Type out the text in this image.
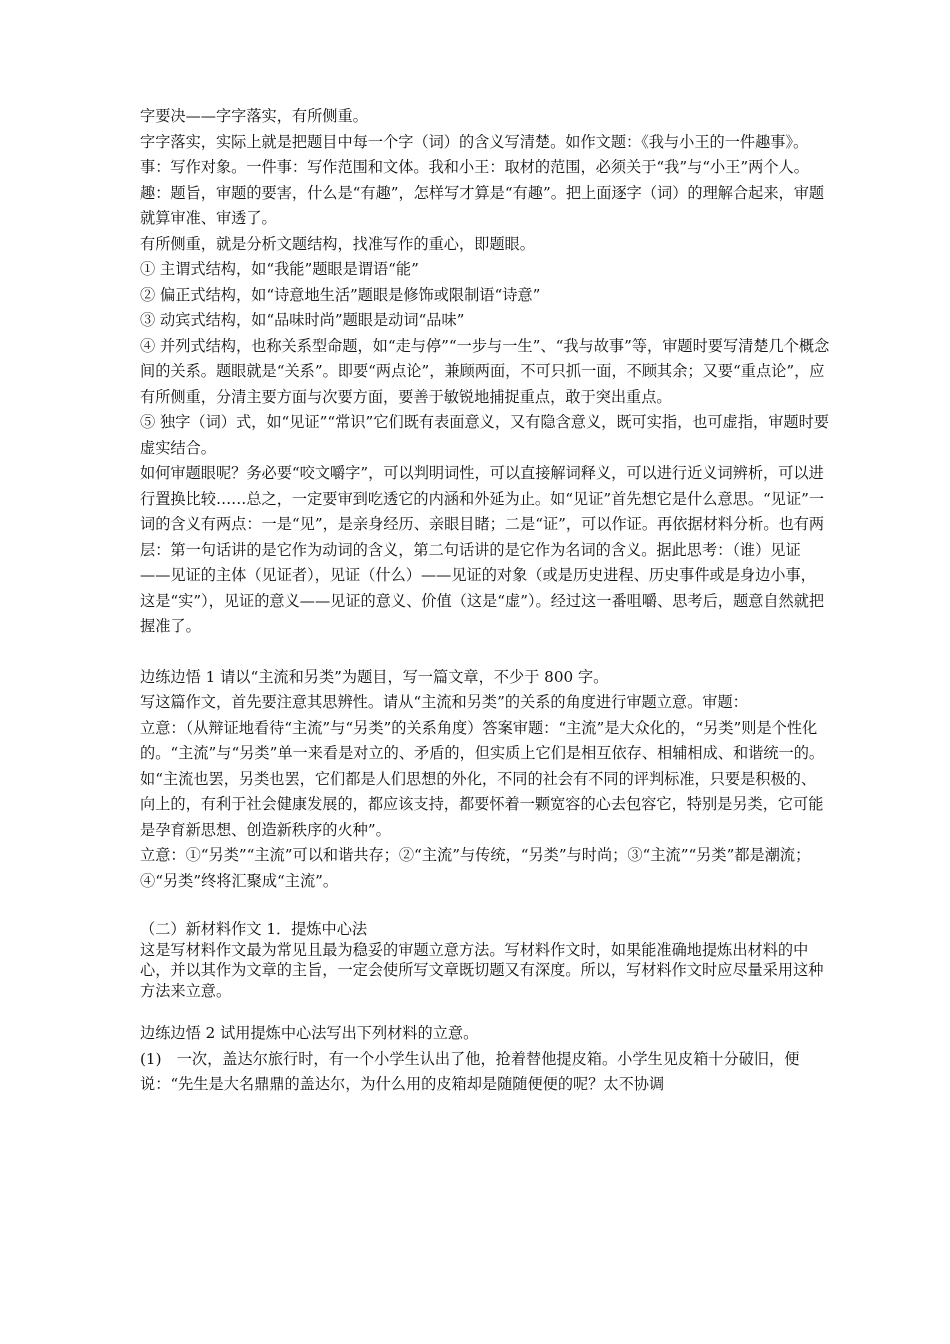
字要决——字字落实，有所侧重。

字字落实，实际上就是把题目中每一个字（词）的含义写清楚。如作文题：《我与小王的一件趣事》。

事：写作对象。一件事：写作范围和文体。我和小王：取材的范围，必须关于“我”与“小王”两个人。趣：题旨，审题的要害，什么是“有趣”，怎样写才算是“有趣”。把上面逐字（词）的理解合起来，审题就算审准、审透了。

有所侧重，就是分析文题结构，找准写作的重心，即题眼。

① 主谓式结构，如“我能”题眼是谓语“能”

② 偏正式结构，如“诗意地生活”题眼是修饰或限制语“诗意”

③ 动宾式结构，如“品味时尚”题眼是动词“品味”

④ 并列式结构，也称关系型命题，如“走与停”“一步与一生”、“我与故事”等，审题时要写清楚几个概念间的关系。题眼就是“关系”。即要“两点论”，兼顾两面，不可只抓一面，不顾其余；又要“重点论”，应有所侧重，分清主要方面与次要方面，要善于敏锐地捕捉重点，敢于突出重点。

⑤ 独字（词）式，如“见证”“常识”它们既有表面意义，又有隐含意义，既可实指，也可虚指，审题时要虚实结合。

如何审题眼呢？务必要“咬文嚼字”，可以判明词性，可以直接解词释义，可以进行近义词辨析，可以进行置换比较……总之，一定要审到吃透它的内涵和外延为止。如“见证”首先想它是什么意思。“见证”一词的含义有两点：一是“见”，是亲身经历、亲眼目睹；二是“证”，可以作证。再依据材料分析。也有两层：第一句话讲的是它作为动词的含义，第二句话讲的是它作为名词的含义。据此思考：（谁）见证——见证的主体（见证者），见证（什么）——见证的对象（或是历史进程、历史事件或是身边小事，这是“实”），见证的意义——见证的意义、价值（这是“虚”）。经过这一番咀嚼、思考后，题意自然就把握准了。

边练边悟 1 请以“主流和另类”为题目，写一篇文章，不少于 800 字。

写这篇作文，首先要注意其思辨性。请从“主流和另类”的关系的角度进行审题立意。审题：

立意：（从辩证地看待“主流”与“另类”的关系角度）答案审题：“主流”是大众化的，“另类”则是个性化的。“主流”与“另类”单一来看是对立的、矛盾的，但实质上它们是相互依存、相辅相成、和谐统一的。如“主流也罢，另类也罢，它们都是人们思想的外化，不同的社会有不同的评判标准，只要是积极的、向上的，有利于社会健康发展的，都应该支持，都要怀着一颗宽容的心去包容它，特别是另类，它可能是孕育新思想、创造新秩序的火种”。

立意：①“另类”“主流”可以和谐共存；②“主流”与传统，“另类”与时尚；③“主流”“另类”都是潮流；④“另类”终将汇聚成“主流”。

（二）新材料作文 1．提炼中心法

这是写材料作文最为常见且最为稳妥的审题立意方法。写材料作文时，如果能准确地提炼出材料的中心，并以其作为文章的主旨，一定会使所写文章既切题又有深度。所以，写材料作文时应尽量采用这种方法来立意。

边练边悟 2 试用提炼中心法写出下列材料的立意。

(1)　一次，盖达尔旅行时，有一个小学生认出了他，抢着替他提皮箱。小学生见皮箱十分破旧，便说：“先生是大名鼎鼎的盖达尔，为什么用的皮箱却是随随便便的呢？太不协调
